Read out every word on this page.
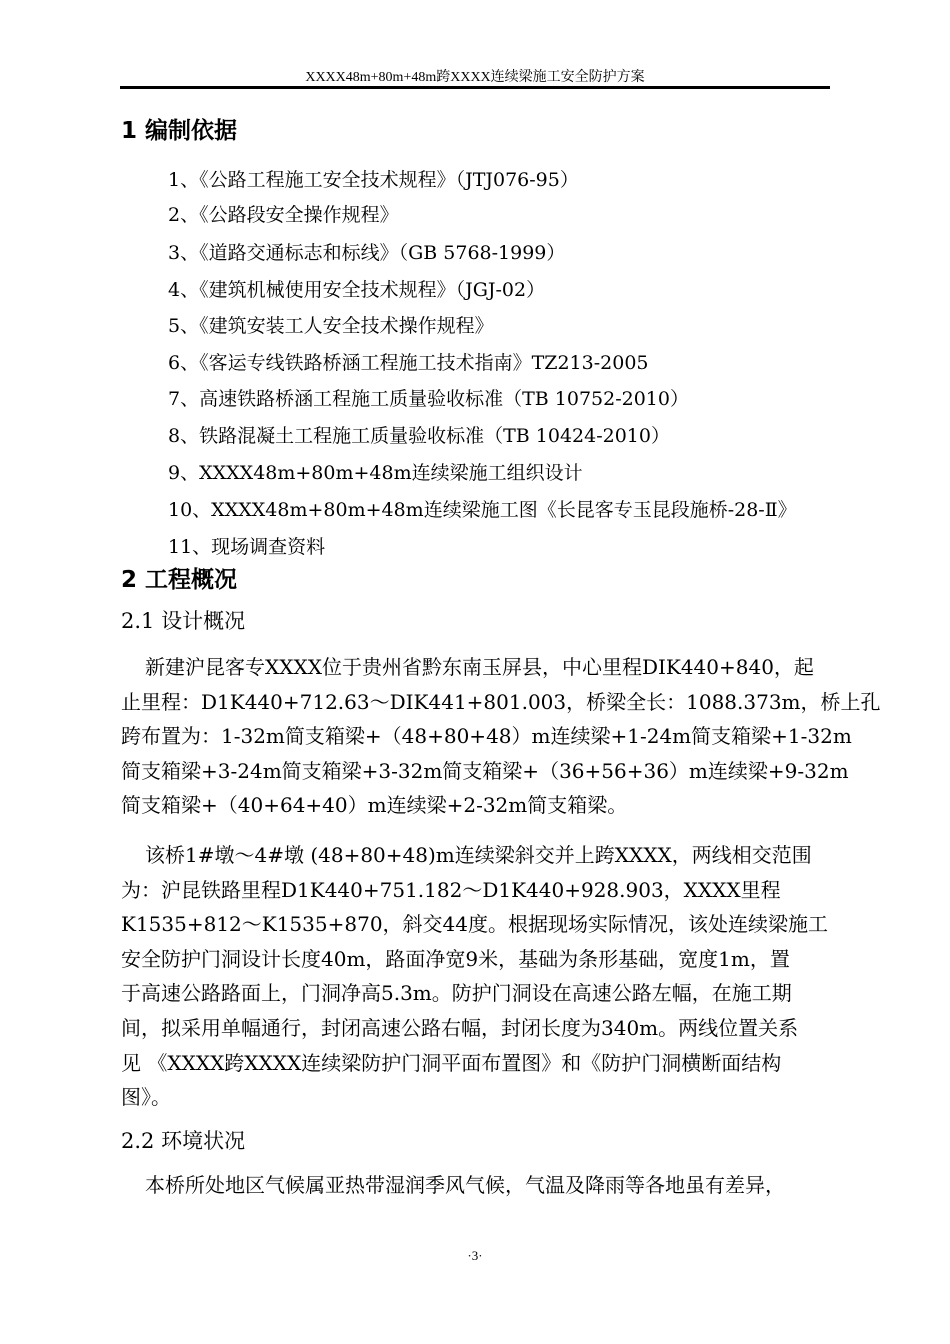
XXXX48m+80m+48m跨XXXX连续梁施工安全防护方案
1 编制依据
1、《公路工程施工安全技术规程》（JTJ076-95）
2、《公路段安全操作规程》
3、《道路交通标志和标线》（GB 5768-1999）
4、《建筑机械使用安全技术规程》（JGJ-02）
5、《建筑安装工人安全技术操作规程》
6、《客运专线铁路桥涵工程施工技术指南》TZ213-2005
7、高速铁路桥涵工程施工质量验收标准（TB 10752-2010）
8、铁路混凝土工程施工质量验收标准（TB 10424-2010）
9、XXXX48m+80m+48m连续梁施工组织设计
10、XXXX48m+80m+48m连续梁施工图《长昆客专玉昆段施桥-28-Ⅱ》
11、现场调查资料
2 工程概况
2.1 设计概况
新建沪昆客专XXXX位于贵州省黔东南玉屏县，中心里程DIK440+840，起
止里程：D1K440+712.63～DIK441+801.003，桥梁全长：1088.373m，桥上孔
跨布置为：1-32m简支箱梁+（48+80+48）m连续梁+1-24m简支箱梁+1-32m
简支箱梁+3-24m简支箱梁+3-32m简支箱梁+（36+56+36）m连续梁+9-32m
简支箱梁+（40+64+40）m连续梁+2-32m简支箱梁。
该桥1#墩～4#墩 (48+80+48)m连续梁斜交并上跨XXXX，两线相交范围
为：沪昆铁路里程D1K440+751.182～D1K440+928.903，XXXX里程
K1535+812～K1535+870，斜交44度。根据现场实际情况，该处连续梁施工
安全防护门洞设计长度40m，路面净宽9米，基础为条形基础，宽度1m，置
于高速公路路面上，门洞净高5.3m。防护门洞设在高速公路左幅，在施工期
间，拟采用单幅通行，封闭高速公路右幅，封闭长度为340m。两线位置关系
见 《XXXX跨XXXX连续梁防护门洞平面布置图》和《防护门洞横断面结构
图》。
2.2 环境状况
本桥所处地区气候属亚热带湿润季风气候，气温及降雨等各地虽有差异，
·3·
